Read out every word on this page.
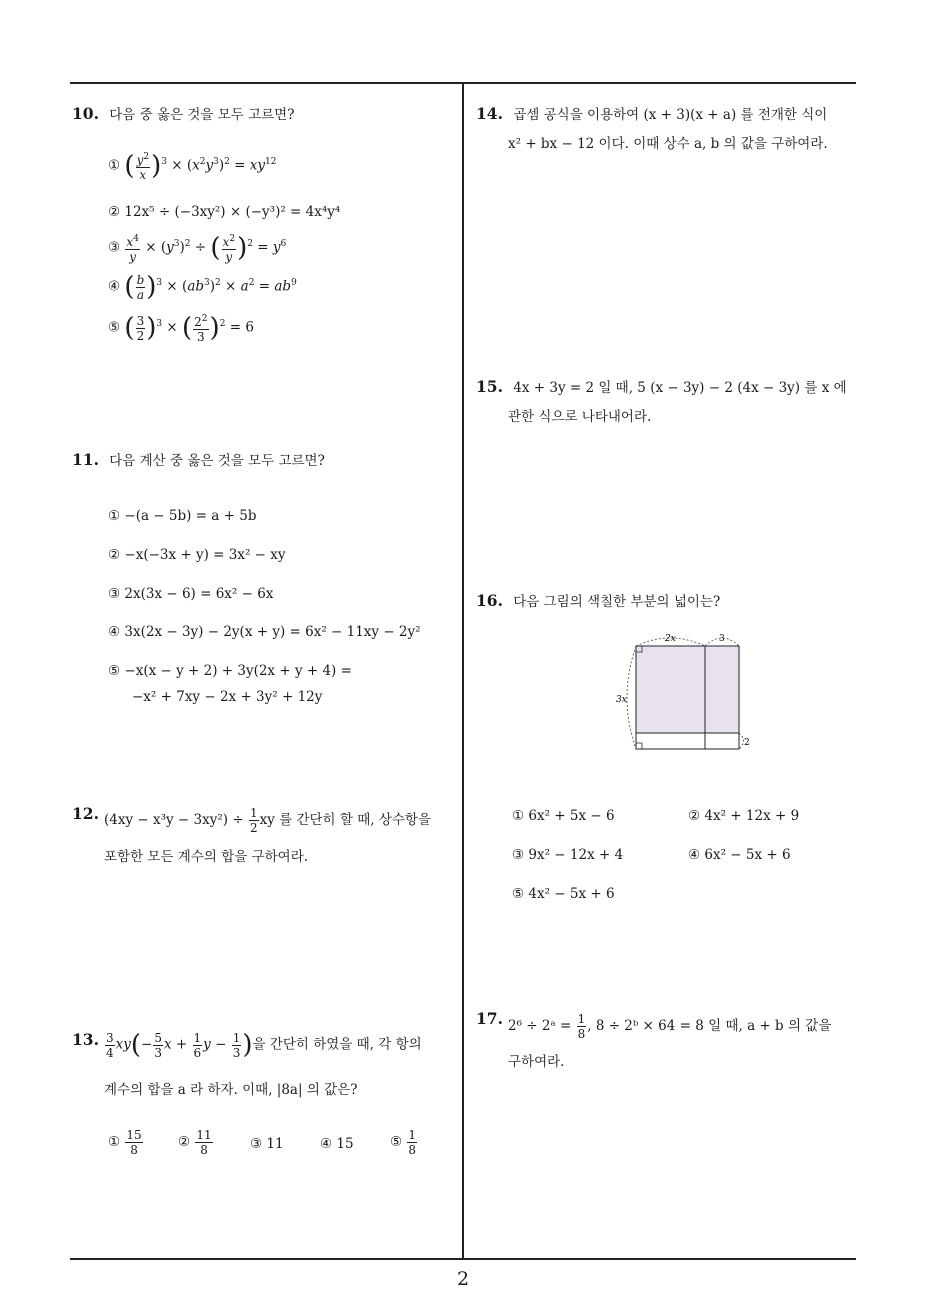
10. 다음 중 옳은 것을 모두 고르면?
① ( $\frac{y^2}{x} )^3 \times (x^2y^3)^2 = xy^{12}$
② 12x⁵ ÷ (−3xy²) × (−y³)² = 4x⁴y⁴
③ $\frac{x^4}{y} \times (y^3)^2$ ÷ ( $\frac{x^2}{y} )^2 = y^6$
④ ( $\frac{b}{a} )^3 \times (ab^3)^2 \times a^2 = ab^9$
⑤ ( $\frac{3}{2} )^3$ × ( $\frac{2^2}{3} )^2 = 6$
11. 다음 계산 중 옳은 것을 모두 고르면?
① −(a − 5b) = a + 5b
② −x(−3x + y) = 3x² − xy
③ 2x(3x − 6) = 6x² − 6x
④ 3x(2x − 3y) − 2y(x + y) = 6x² − 11xy − 2y²
⑤ −x(x − y + 2) + 3y(2x + y + 4) =
−x² + 7xy − 2x + 3y² + 12y
12. $(4xy - x^3y - 3xy^2) \div \frac{1}{2}$ xy 를 간단히 할 때, 상수항을
포함한 모든 계수의 합을 구하여라.
13. $\frac{3}{4} xy(- \frac{5}{3}$ $x + \frac{1}{6}$ $y - \frac{1}{3}$ )을 간단히 하였을 때, 각 항의
계수의 합을 a 라 하자. 이때, |8a| 의 값은?
① $\frac{15}{8}$	② $\frac{11}{8}$	③ 11	④ 15	⑤ $\frac{1}{8}$
14. 곱셈 공식을 이용하여 (x + 3)(x + a) 를 전개한 식이
x² + bx − 12 이다. 이때 상수 a, b 의 값을 구하여라.
15. 4x + 3y = 2 일 때, 5 (x − 3y) − 2 (4x − 3y) 를 x 에
관한 식으로 나타내어라.
16. 다음 그림의 색칠한 부분의 넓이는?
2x	3
3x
2
① 6x² + 5x − 6	② 4x² + 12x + 9
③ 9x² − 12x + 4	④ 6x² − 5x + 6
⑤ 4x² − 5x + 6
17. 2⁶ ÷ 2ᵃ = $\frac{1}{8}$ , 8 ÷ 2ᵇ × 64 = 8 일 때, a + b 의 값을
구하여라.
2
